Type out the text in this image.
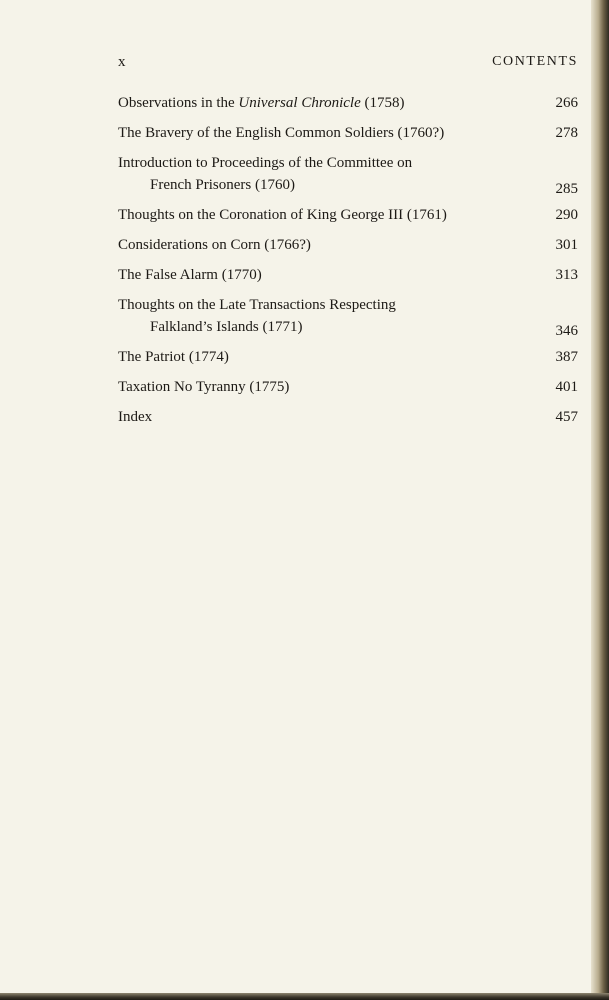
x	CONTENTS
Observations in the Universal Chronicle (1758)	266
The Bravery of the English Common Soldiers (1760?)	278
Introduction to Proceedings of the Committee on
French Prisoners (1760)	285
Thoughts on the Coronation of King George III (1761)	290
Considerations on Corn (1766?)	301
The False Alarm (1770)	313
Thoughts on the Late Transactions Respecting
Falkland’s Islands (1771)	346
The Patriot (1774)	387
Taxation No Tyranny (1775)	401
Index	457
